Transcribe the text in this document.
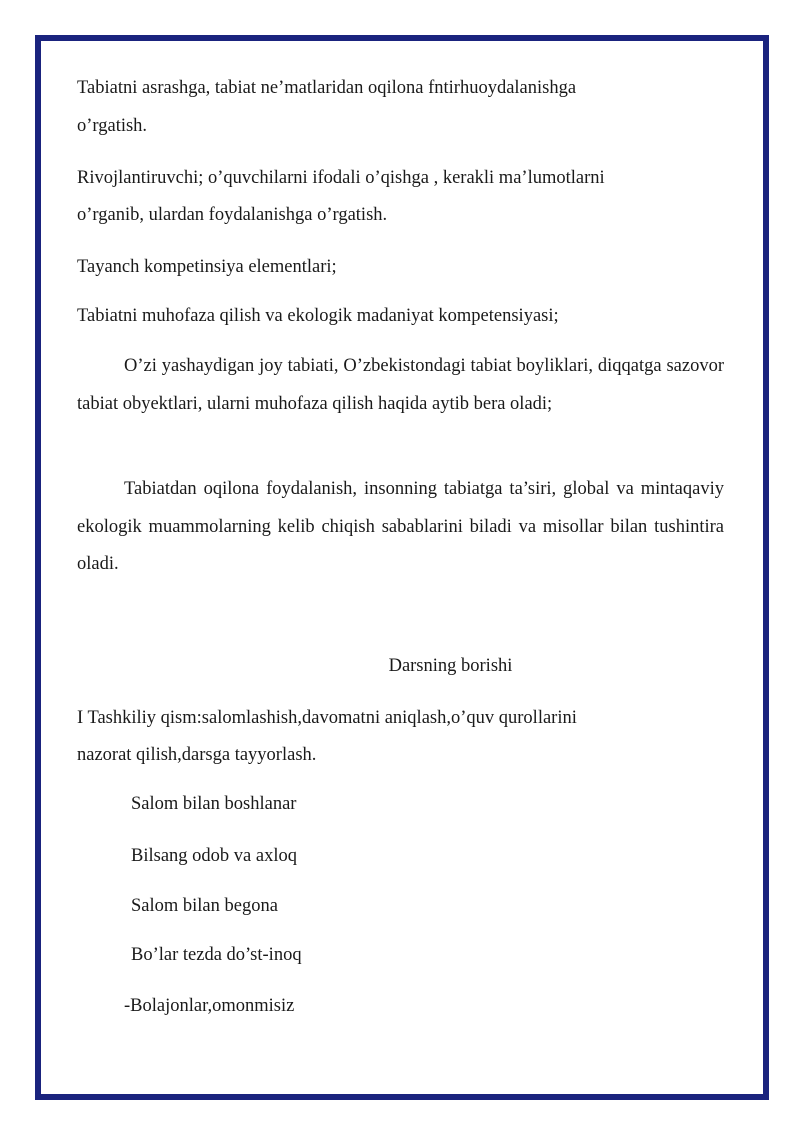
Tabiatni asrashga, tabiat ne’matlaridan oqilona fntirhuoydalanishga
o’rgatish.
Rivojlantiruvchi; o’quvchilarni ifodali o’qishga , kerakli ma’lumotlarni
o’rganib, ulardan foydalanishga o’rgatish.
Tayanch kompetinsiya elementlari;
Tabiatni muhofaza qilish va ekologik madaniyat kompetensiyasi;
O’zi yashaydigan joy tabiati, O’zbekistondagi tabiat boyliklari, diqqatga sazovor tabiat obyektlari, ularni muhofaza qilish haqida aytib bera oladi;
Tabiatdan oqilona foydalanish, insonning tabiatga ta’siri, global va mintaqaviy ekologik muammolarning kelib chiqish sabablarini biladi va misollar bilan tushintira oladi.
Darsning borishi
I Tashkiliy qism:salomlashish,davomatni aniqlash,o’quv qurollarini
nazorat qilish,darsga tayyorlash.
Salom bilan boshlanar
Bilsang odob va axloq
Salom bilan begona
Bo’lar tezda do’st-inoq
-Bolajonlar,omonmisiz
